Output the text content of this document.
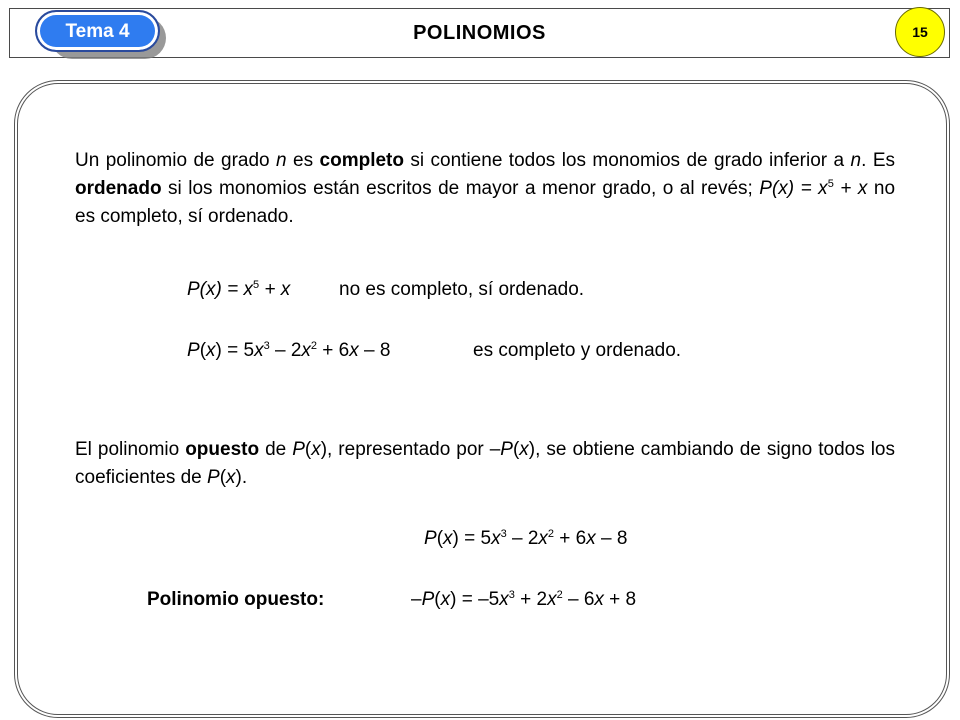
POLINOMIOS
Tema 4	15
Un polinomio de grado n es completo si contiene todos los monomios de grado inferior a n. Es ordenado si los monomios están escritos de mayor a menor grado, o al revés; $P(x) = x^5 + x$ no es completo, sí ordenado.
$P(x) = x^5 + x$	no es completo, sí ordenado.
$P(x) = 5x^3 - 2x^2 + 6x - 8$	es completo y ordenado.
El polinomio opuesto de P(x), representado por –P(x), se obtiene cambiando de signo todos los coeficientes de P(x).
$P(x) = 5x^3 - 2x^2 + 6x - 8$
Polinomio opuesto:	$-P(x) = -5x^3 + 2x^2 - 6x + 8$
